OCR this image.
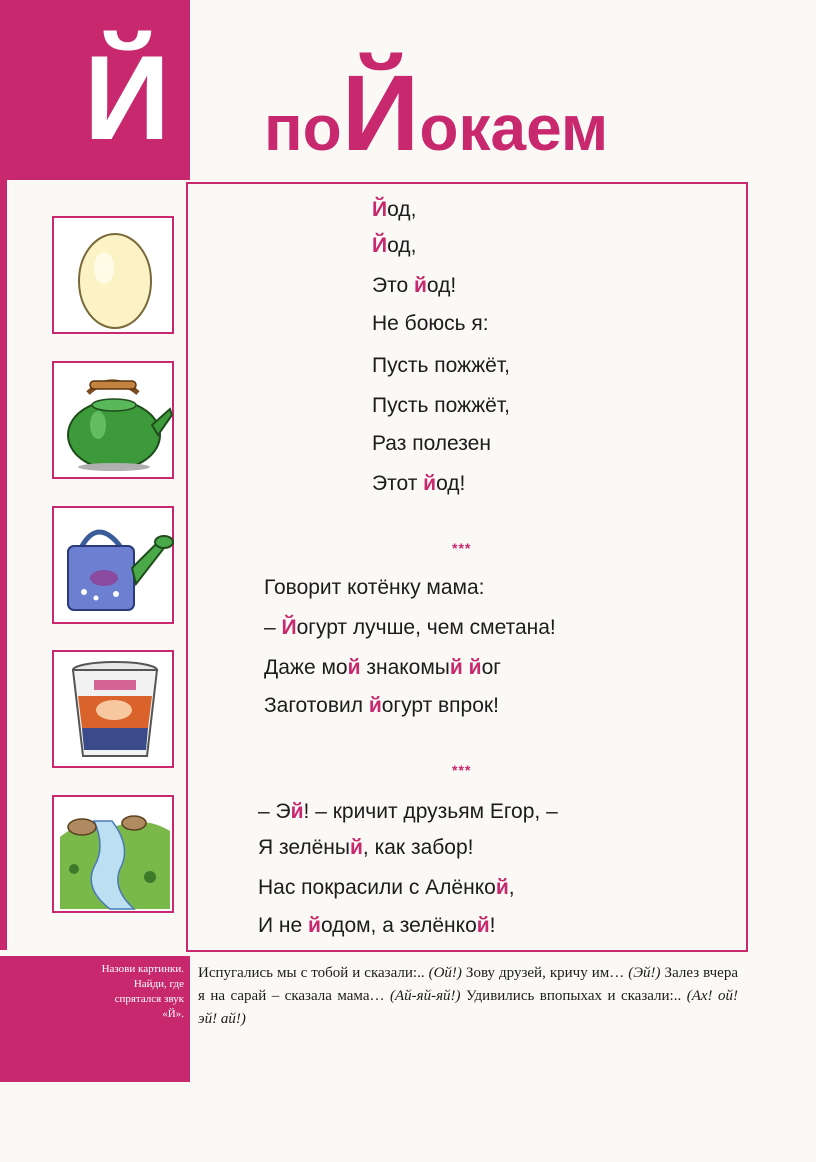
Й поЙокаем
Йод,
Йод,
Это йод!
Не боюсь я:
Пусть пожжёт,
Пусть пожжёт,
Раз полезен
Этот йод!
***
Говорит котёнку мама:
– Йогурт лучше, чем сметана!
Даже мой знакомый йог
Заготовил йогурт впрок!
***
– Эй! – кричит друзьям Егор, –
Я зелёный, как забор!
Нас покрасили с Алёнкой,
И не йодом, а зелёнкой!
Назови картинки. Найди, где спрятался звук «Й».
Испугались мы с тобой и сказали:.. (Ой!) Зову друзей, кричу им… (Эй!) Залез вчера я на сарай – сказала мама… (Ай-яй-яй!) Удивились впопыхах и сказали:.. (Ах! ой! эй! ай!)
